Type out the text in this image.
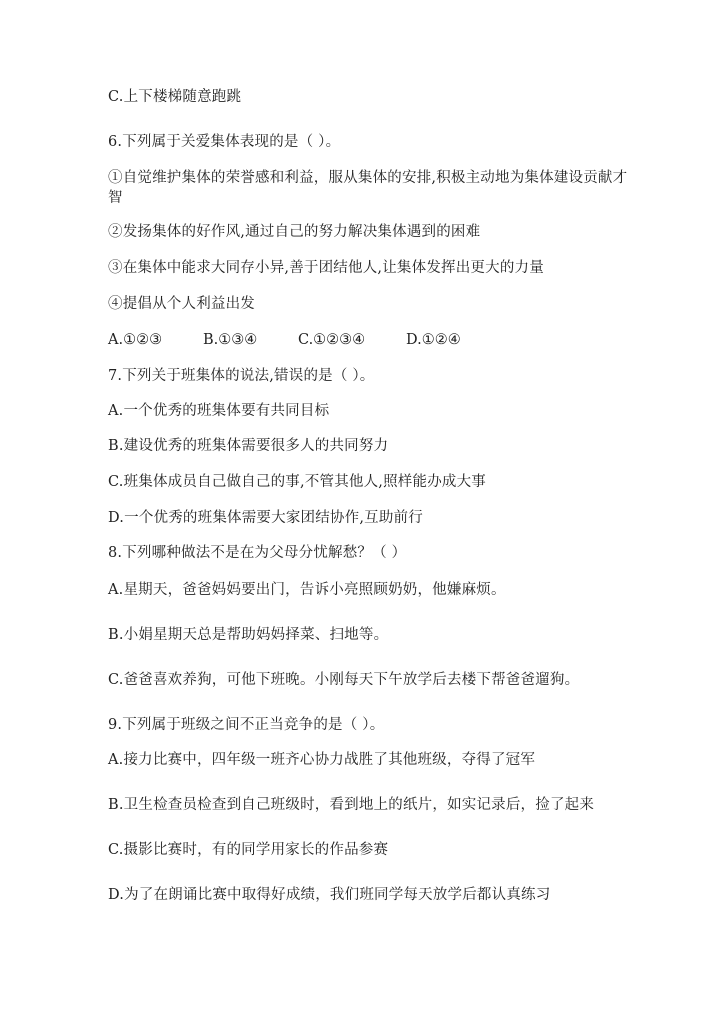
C.上下楼梯随意跑跳
6.下列属于关爱集体表现的是（ ）。
①自觉维护集体的荣誉感和利益，服从集体的安排,积极主动地为集体建设贡献才智
②发扬集体的好作风,通过自己的努力解决集体遇到的困难
③在集体中能求大同存小异,善于团结他人,让集体发挥出更大的力量
④提倡从个人利益出发
A.①②③	B.①③④	C.①②③④	D.①②④
7.下列关于班集体的说法,错误的是（ ）。
A.一个优秀的班集体要有共同目标
B.建设优秀的班集体需要很多人的共同努力
C.班集体成员自己做自己的事,不管其他人,照样能办成大事
D.一个优秀的班集体需要大家团结协作,互助前行
8.下列哪种做法不是在为父母分忧解愁？（ ）
A.星期天，爸爸妈妈要出门，告诉小亮照顾奶奶，他嫌麻烦。
B.小娟星期天总是帮助妈妈择菜、扫地等。
C.爸爸喜欢养狗，可他下班晚。小刚每天下午放学后去楼下帮爸爸遛狗。
9.下列属于班级之间不正当竞争的是（ ）。
A.接力比赛中，四年级一班齐心协力战胜了其他班级，夺得了冠军
B.卫生检查员检查到自己班级时，看到地上的纸片，如实记录后，捡了起来
C.摄影比赛时，有的同学用家长的作品参赛
D.为了在朗诵比赛中取得好成绩，我们班同学每天放学后都认真练习
